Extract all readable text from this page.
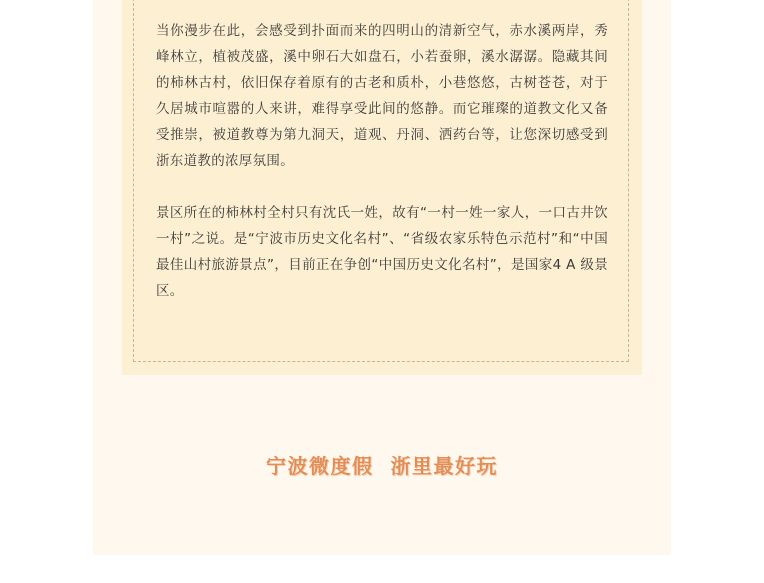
当你漫步在此，会感受到扑面而来的四明山的清新空气，赤水溪两岸，秀峰林立，植被茂盛，溪中卵石大如盘石，小若蚕卵，溪水潺潺。隐藏其间的柿林古村，依旧保存着原有的古老和质朴，小巷悠悠，古树苍苍，对于久居城市喧嚣的人来讲，难得享受此间的悠静。而它璀璨的道教文化又备受推崇，被道教尊为第九洞天，道观、丹洞、洒药台等，让您深切感受到浙东道教的浓厚氛围。

景区所在的柿林村全村只有沈氏一姓，故有“一村一姓一家人，一口古井饮一村”之说。是“宁波市历史文化名村”、“省级农家乐特色示范村”和“中国最佳山村旅游景点”，目前正在争创“中国历史文化名村”，是国家4 A 级景区。

宁波微度假  浙里最好玩
